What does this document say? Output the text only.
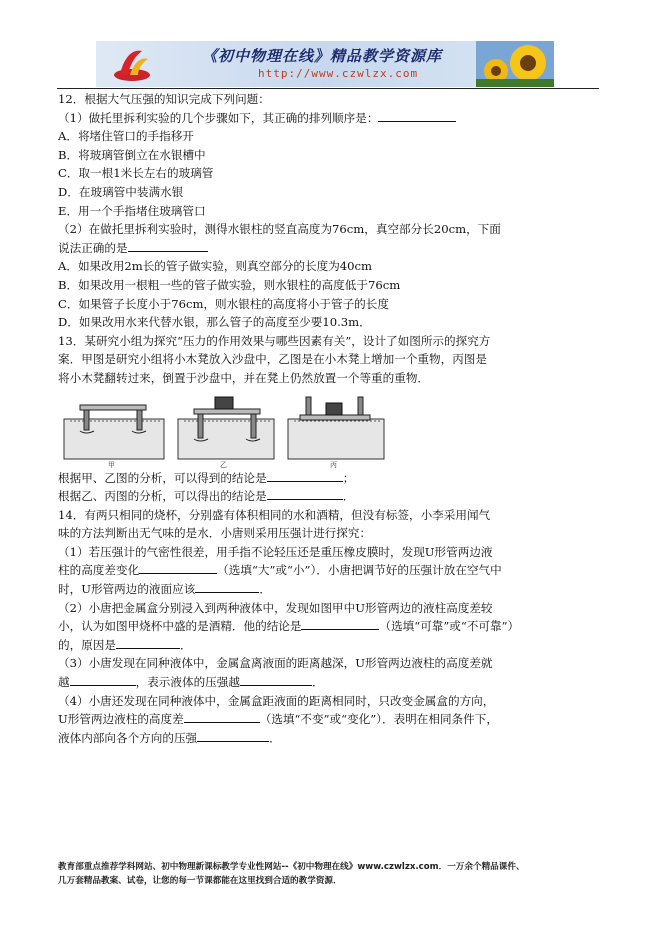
《初中物理在线》精品教学资源库
http://www.czwlzx.com
12．根据大气压强的知识完成下列问题：
（1）做托里拆利实验的几个步骤如下，其正确的排列顺序是：
A．将堵住管口的手指移开
B．将玻璃管倒立在水银槽中
C．取一根1米长左右的玻璃管
D．在玻璃管中装满水银
E．用一个手指堵住玻璃管口
（2）在做托里拆利实验时，测得水银柱的竖直高度为76cm，真空部分长20cm，下面
说法正确的是
A．如果改用2m长的管子做实验，则真空部分的长度为40cm
B．如果改用一根粗一些的管子做实验，则水银柱的高度低于76cm
C．如果管子长度小于76cm，则水银柱的高度将小于管子的长度
D．如果改用水来代替水银，那么管子的高度至少要10.3m．
13．某研究小组为探究“压力的作用效果与哪些因素有关”，设计了如图所示的探究方
案．甲图是研究小组将小木凳放入沙盘中，乙图是在小木凳上增加一个重物，丙图是
将小木凳翻转过来，倒置于沙盘中，并在凳上仍然放置一个等重的重物．
甲	乙	丙
根据甲、乙图的分析，可以得到的结论是	；
根据乙、丙图的分析，可以得出的结论是	．
14．有两只相同的烧杯，分别盛有体积相同的水和酒精，但没有标签，小李采用闻气
味的方法判断出无气味的是水．小唐则采用压强计进行探究：
（1）若压强计的气密性很差，用手指不论轻压还是重压橡皮膜时，发现U形管两边液
柱的高度差变化	（选填“大”或“小”）．小唐把调节好的压强计放在空气中
时，U形管两边的液面应该	．
（2）小唐把金属盒分别浸入到两种液体中，发现如图甲中U形管两边的液柱高度差较
小，认为如图甲烧杯中盛的是酒精．他的结论是	（选填“可靠”或“不可靠”）
的，原因是	．
（3）小唐发现在同种液体中，金属盒离液面的距离越深，U形管两边液柱的高度差就
越	，表示液体的压强越	．
（4）小唐还发现在同种液体中，金属盒距液面的距离相同时，只改变金属盒的方向，
U形管两边液柱的高度差	（选填“不变”或“变化”）．表明在相同条件下，
液体内部向各个方向的压强	．
教育部重点推荐学科网站、初中物理新课标教学专业性网站--《初中物理在线》www.czwlzx.com．一万余个精品课件、
几万套精品教案、试卷，让您的每一节课都能在这里找到合适的教学资源．
